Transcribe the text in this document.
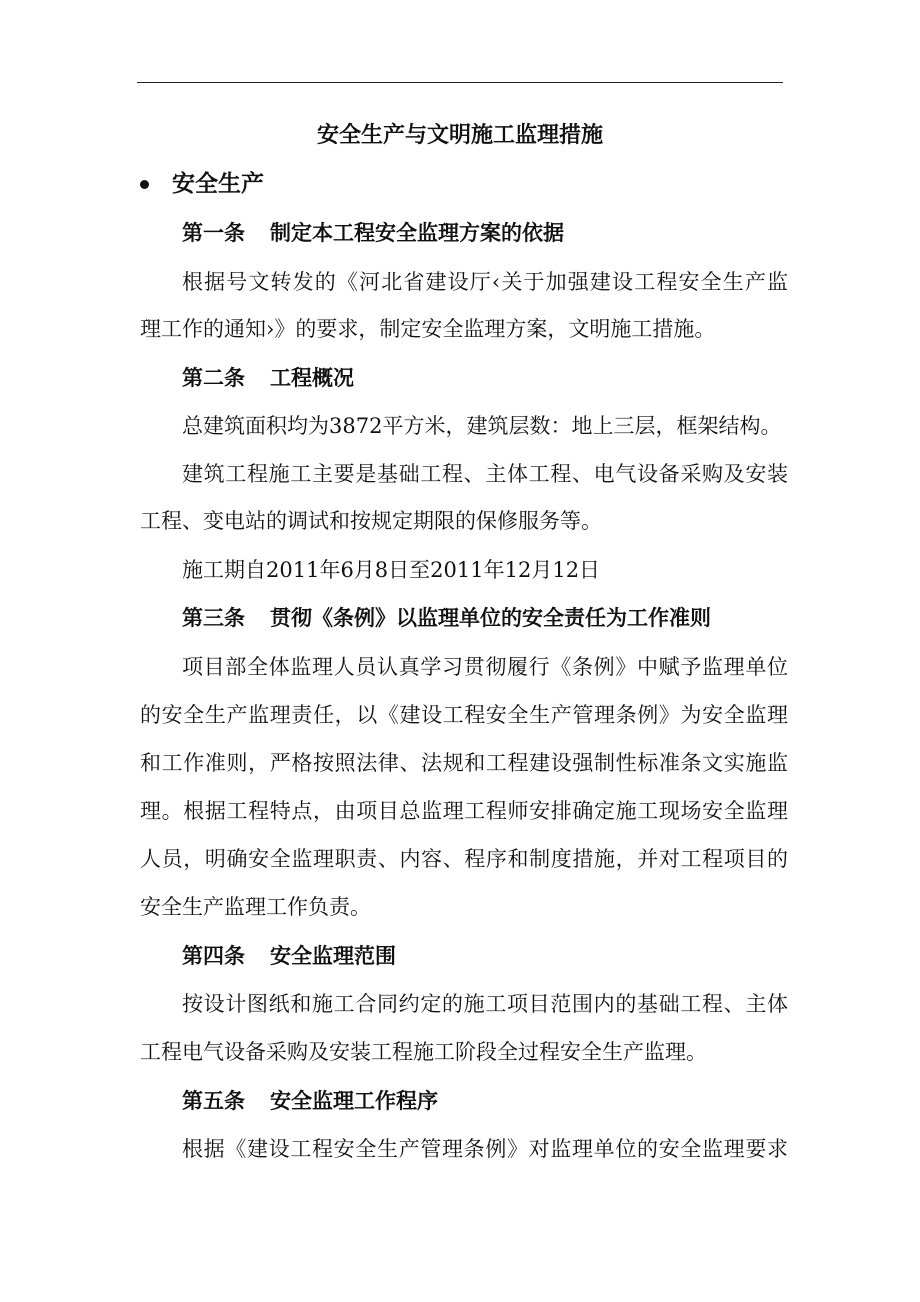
安全生产与文明施工监理措施
安全生产
第一条 制定本工程安全监理方案的依据
根据号文转发的《河北省建设厅‹关于加强建设工程安全生产监
理工作的通知›》的要求，制定安全监理方案，文明施工措施。
第二条 工程概况
总建筑面积均为3872平方米，建筑层数：地上三层，框架结构。
建筑工程施工主要是基础工程、主体工程、电气设备采购及安装
工程、变电站的调试和按规定期限的保修服务等。
施工期自2011年6月8日至2011年12月12日
第三条 贯彻《条例》以监理单位的安全责任为工作准则
项目部全体监理人员认真学习贯彻履行《条例》中赋予监理单位
的安全生产监理责任，以《建设工程安全生产管理条例》为安全监理
和工作准则，严格按照法律、法规和工程建设强制性标准条文实施监
理。根据工程特点，由项目总监理工程师安排确定施工现场安全监理
人员，明确安全监理职责、内容、程序和制度措施，并对工程项目的
安全生产监理工作负责。
第四条 安全监理范围
按设计图纸和施工合同约定的施工项目范围内的基础工程、主体
工程电气设备采购及安装工程施工阶段全过程安全生产监理。
第五条 安全监理工作程序
根据《建设工程安全生产管理条例》对监理单位的安全监理要求
